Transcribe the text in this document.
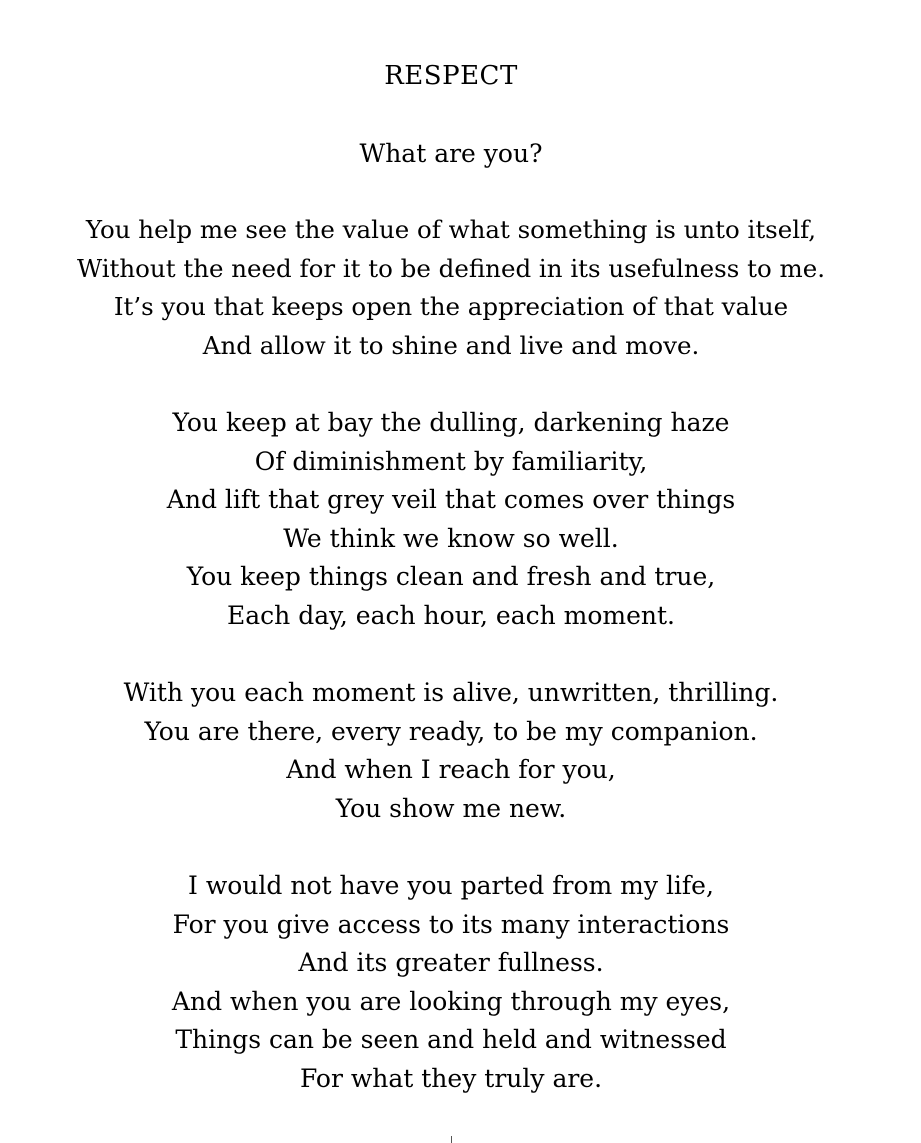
RESPECT
What are you?
You help me see the value of what something is unto itself,
Without the need for it to be defined in its usefulness to me.
It’s you that keeps open the appreciation of that value
And allow it to shine and live and move.
You keep at bay the dulling, darkening haze
Of diminishment by familiarity,
And lift that grey veil that comes over things
We think we know so well.
You keep things clean and fresh and true,
Each day, each hour, each moment.
With you each moment is alive, unwritten, thrilling.
You are there, every ready, to be my companion.
And when I reach for you,
You show me new.
I would not have you parted from my life,
For you give access to its many interactions
And its greater fullness.
And when you are looking through my eyes,
Things can be seen and held and witnessed
For what they truly are.
